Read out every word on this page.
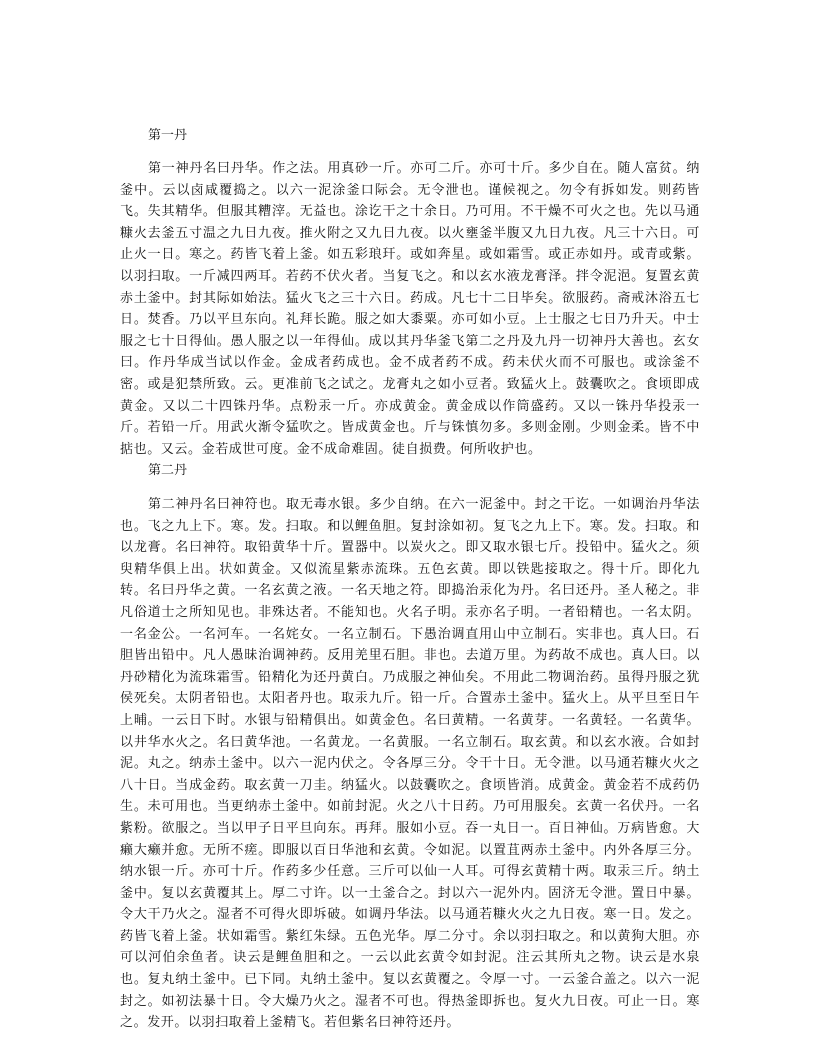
第一丹

第一神丹名曰丹华。作之法。用真砂一斤。亦可二斤。亦可十斤。多少自在。随人富贫。纳釜中。云以卤咸覆捣之。以六一泥涂釜口际会。无令泄也。谨候视之。勿令有拆如发。则药皆飞。失其精华。但服其糟滓。无益也。涂讫干之十余日。乃可用。不干燥不可火之也。先以马通糠火去釜五寸温之九日九夜。推火附之又九日九夜。以火壅釜半腹又九日九夜。凡三十六日。可止火一日。寒之。药皆飞着上釜。如五彩琅玕。或如奔星。或如霜雪。或正赤如丹。或青或紫。以羽扫取。一斤减四两耳。若药不伏火者。当复飞之。和以玄水液龙膏泽。拌令泥浥。复置玄黄赤土釜中。封其际如始法。猛火飞之三十六日。药成。凡七十二日毕矣。欲服药。斋戒沐浴五七日。焚香。乃以平旦东向。礼拜长跪。服之如大黍粟。亦可如小豆。上士服之七日乃升天。中士服之七十日得仙。愚人服之以一年得仙。成以其丹华釜飞第二之丹及九丹一切神丹大善也。玄女曰。作丹华成当试以作金。金成者药成也。金不成者药不成。药未伏火而不可服也。或涂釜不密。或是犯禁所致。云。更准前飞之试之。龙膏丸之如小豆者。致猛火上。鼓囊吹之。食顷即成黄金。又以二十四铢丹华。点粉汞一斤。亦成黄金。黄金成以作筒盛药。又以一铢丹华投汞一斤。若铅一斤。用武火渐令猛吹之。皆成黄金也。斤与铢慎勿多。多则金刚。少则金柔。皆不中掂也。又云。金若成世可度。金不成命难固。徒自损费。何所收护也。

第二丹

第二神丹名曰神符也。取无毒水银。多少自纳。在六一泥釜中。封之干讫。一如调治丹华法也。飞之九上下。寒。发。扫取。和以鲤鱼胆。复封涂如初。复飞之九上下。寒。发。扫取。和以龙膏。名曰神符。取铅黄华十斤。置器中。以炭火之。即又取水银七斤。投铅中。猛火之。须臾精华俱上出。状如黄金。又似流星紫赤流珠。五色玄黄。即以铁匙接取之。得十斤。即化九转。名曰丹华之黄。一名玄黄之液。一名天地之符。即捣治汞化为丹。名曰还丹。圣人秘之。非凡俗道士之所知见也。非殊达者。不能知也。火名子明。汞亦名子明。一者铅精也。一名太阴。一名金公。一名河车。一名姹女。一名立制石。下愚治调直用山中立制石。实非也。真人曰。石胆皆出铅中。凡人愚昧治调神药。反用羌里石胆。非也。去道万里。为药故不成也。真人曰。以丹砂精化为流珠霜雪。铅精化为还丹黄白。乃成服之神仙矣。不用此二物调治药。虽得丹服之犹侯死矣。太阴者铅也。太阳者丹也。取汞九斤。铅一斤。合置赤土釜中。猛火上。从平旦至日午上晡。一云日下时。水银与铅精俱出。如黄金色。名曰黄精。一名黄芽。一名黄轻。一名黄华。以井华水火之。名曰黄华池。一名黄龙。一名黄服。一名立制石。取玄黄。和以玄水液。合如封泥。丸之。纳赤土釜中。以六一泥内伏之。令各厚三分。令干十日。无令泄。以马通若糠火火之八十日。当成金药。取玄黄一刀圭。纳猛火。以鼓囊吹之。食顷皆消。成黄金。黄金若不成药仍生。未可用也。当更纳赤土釜中。如前封泥。火之八十日药。乃可用服矣。玄黄一名伏丹。一名紫粉。欲服之。当以甲子日平旦向东。再拜。服如小豆。吞一丸日一。百日神仙。万病皆愈。大癞大癞并愈。无所不瘥。即服以百日华池和玄黄。令如泥。以置苴两赤土釜中。内外各厚三分。纳水银一斤。亦可十斤。作药多少任意。三斤可以仙一人耳。可得玄黄精十两。取汞三斤。纳土釜中。复以玄黄覆其上。厚二寸许。以一土釜合之。封以六一泥外内。固济无令泄。置日中暴。令大干乃火之。湿者不可得火即坼破。如调丹华法。以马通若糠火火之九日夜。寒一日。发之。药皆飞着上釜。状如霜雪。紫红朱绿。五色光华。厚二分寸。余以羽扫取之。和以黄狗大胆。亦可以河伯余鱼者。诀云是鲤鱼胆和之。一云以此玄黄令如封泥。注云其所丸之物。诀云是水泉也。复丸纳土釜中。已下同。丸纳土釜中。复以玄黄覆之。令厚一寸。一云釜合盖之。以六一泥封之。如初法暴十日。令大燥乃火之。湿者不可也。得热釜即拆也。复火九日夜。可止一日。寒之。发开。以羽扫取着上釜精飞。若但紫名曰神符还丹。
